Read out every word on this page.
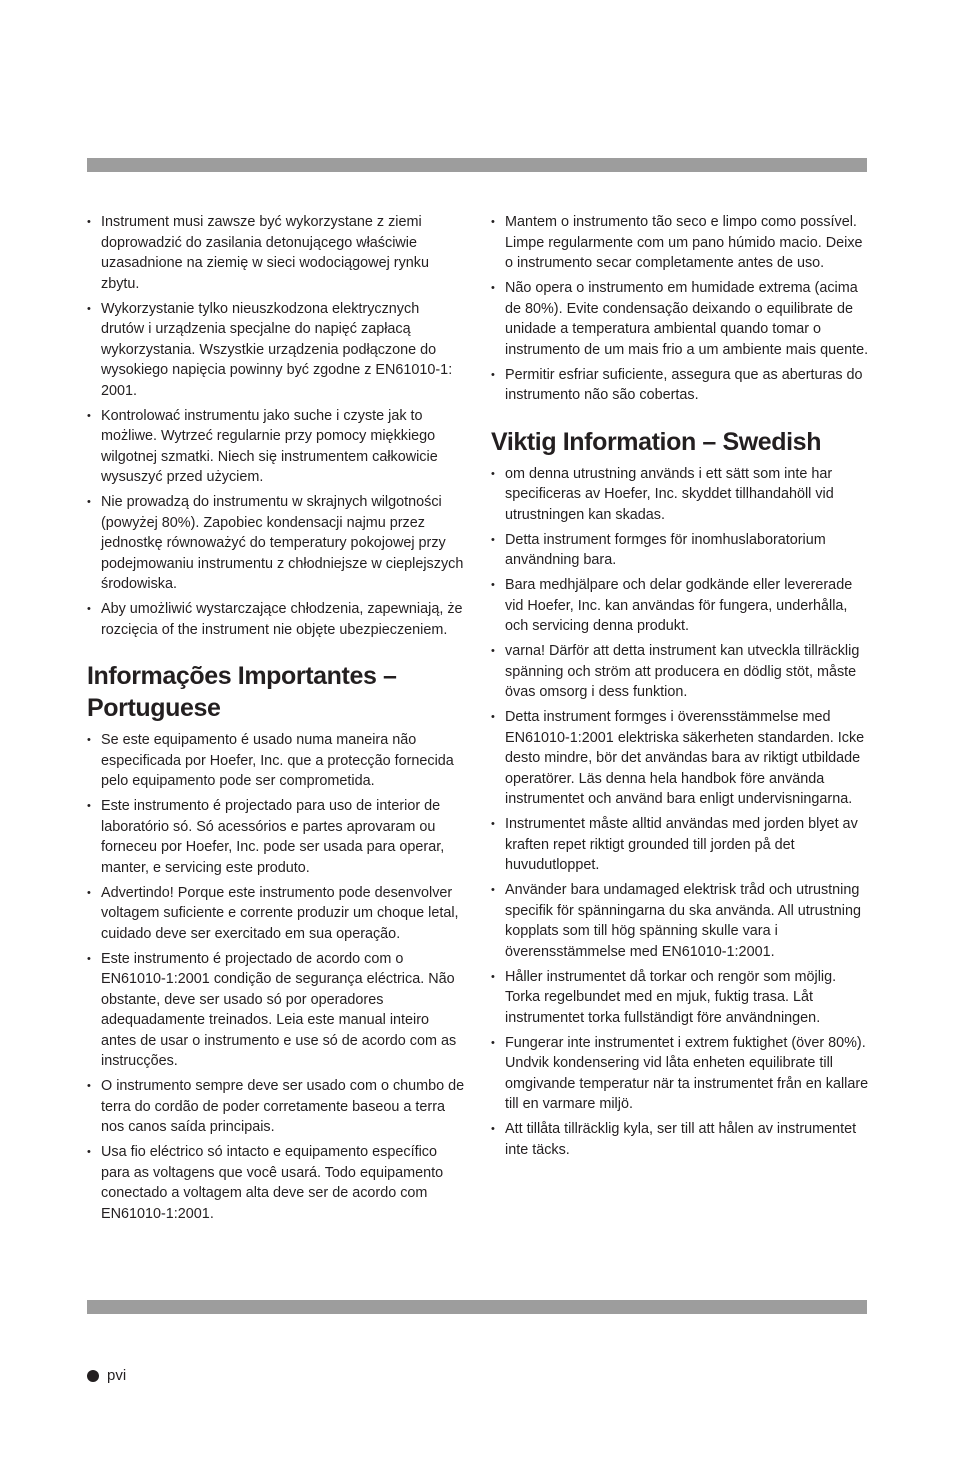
• Instrument musi zawsze być wykorzystane z ziemi doprowadzić do zasilania detonującego właściwie uzasadnione na ziemię w sieci wodociągowej rynku zbytu.
• Wykorzystanie tylko nieuszkodzona elektrycznych drutów i urządzenia specjalne do napięć zapłacą wykorzystania. Wszystkie urządzenia podłączone do wysokiego napięcia powinny być zgodne z EN61010-1: 2001.
• Kontrolować instrumentu jako suche i czyste jak to możliwe. Wytrzeć regularnie przy pomocy miękkiego wilgotnej szmatki. Niech się instrumentem całkowicie wysuszyć przed użyciem.
• Nie prowadzą do instrumentu w skrajnych wilgotności (powyżej 80%). Zapobiec kondensacji najmu przez jednostkę równoważyć do temperatury pokojowej przy podejmowaniu instrumentu z chłodniejsze w cieplejszych środowiska.
• Aby umożliwić wystarczające chłodzenia, zapewniają, że rozcięcia of the instrument nie objęte ubezpieczeniem.
Informações Importantes – Portuguese
• Se este equipamento é usado numa maneira não especificada por Hoefer, Inc. que a protecção fornecida pelo equipamento pode ser comprometida.
• Este instrumento é projectado para uso de interior de laboratório só. Só acessórios e partes aprovaram ou forneceu por Hoefer, Inc. pode ser usada para operar, manter, e servicing este produto.
• Advertindo! Porque este instrumento pode desenvolver voltagem suficiente e corrente produzir um choque letal, cuidado deve ser exercitado em sua operação.
• Este instrumento é projectado de acordo com o EN61010-1:2001 condição de segurança eléctrica. Não obstante, deve ser usado só por operadores adequadamente treinados. Leia este manual inteiro antes de usar o instrumento e use só de acordo com as instrucções.
• O instrumento sempre deve ser usado com o chumbo de terra do cordão de poder corretamente baseou a terra nos canos saída principais.
• Usa fio eléctrico só intacto e equipamento específico para as voltagens que você usará. Todo equipamento conectado a voltagem alta deve ser de acordo com EN61010-1:2001.
• Mantem o instrumento tão seco e limpo como possível. Limpe regularmente com um pano húmido macio. Deixe o instrumento secar completamente antes de uso.
• Não opera o instrumento em humidade extrema (acima de 80%). Evite condensação deixando o equilibrate de unidade a temperatura ambiental quando tomar o instrumento de um mais frio a um ambiente mais quente.
• Permitir esfriar suficiente, assegura que as aberturas do instrumento não são cobertas.
Viktig Information – Swedish
• om denna utrustning används i ett sätt som inte har specificeras av Hoefer, Inc. skyddet tillhandahöll vid utrustningen kan skadas.
• Detta instrument formges för inomhuslaboratorium användning bara.
• Bara medhjälpare och delar godkände eller levererade vid Hoefer, Inc. kan användas för fungera, underhålla, och servicing denna produkt.
• varna! Därför att detta instrument kan utveckla tillräcklig spänning och ström att producera en dödlig stöt, måste övas omsorg i dess funktion.
• Detta instrument formges i överensstämmelse med EN61010-1:2001 elektriska säkerheten standarden. Icke desto mindre, bör det användas bara av riktigt utbildade operatörer. Läs denna hela handbok före använda instrumentet och använd bara enligt undervisningarna.
• Instrumentet måste alltid användas med jorden blyet av kraften repet riktigt grounded till jorden på det huvudutloppet.
• Använder bara undamaged elektrisk tråd och utrustning specifik för spänningarna du ska använda. All utrustning kopplats som till hög spänning skulle vara i överensstämmelse med EN61010-1:2001.
• Håller instrumentet då torkar och rengör som möjlig. Torka regelbundet med en mjuk, fuktig trasa. Låt instrumentet torka fullständigt före användningen.
• Fungerar inte instrumentet i extrem fuktighet (över 80%). Undvik kondensering vid låta enheten equilibrate till omgivande temperatur när ta instrumentet från en kallare till en varmare miljö.
• Att tillåta tillräcklig kyla, ser till att hålen av instrumentet inte täcks.
pvi
